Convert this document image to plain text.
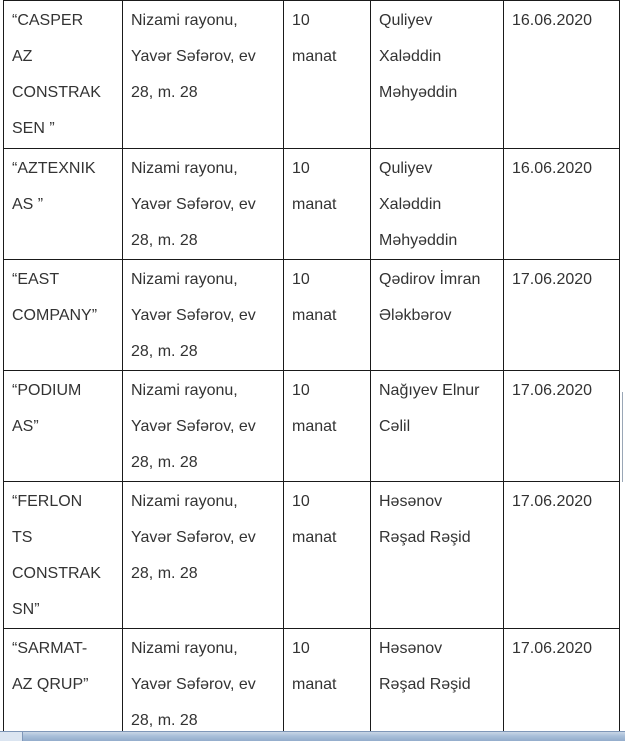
“CASPER
AZ
CONSTRAK
SEN ”	Nizami rayonu,
Yavər Səfərov, ev
28, m. 28	10
manat	Quliyev
Xaləddin
Məhyəddin	16.06.2020

“AZTEXNIK
AS ”	Nizami rayonu,
Yavər Səfərov, ev
28, m. 28	10
manat	Quliyev
Xaləddin
Məhyəddin	16.06.2020

“EAST
COMPANY”	Nizami rayonu,
Yavər Səfərov, ev
28, m. 28	10
manat	Qədirov İmran
Ələkbərov	17.06.2020

“PODIUM
AS”	Nizami rayonu,
Yavər Səfərov, ev
28, m. 28	10
manat	Nağıyev Elnur
Cəlil	17.06.2020

“FERLON
TS
CONSTRAK
SN”	Nizami rayonu,
Yavər Səfərov, ev
28, m. 28	10
manat	Həsənov
Rəşad Rəşid	17.06.2020

“SARMAT-
AZ QRUP”	Nizami rayonu,
Yavər Səfərov, ev
28, m. 28	10
manat	Həsənov
Rəşad Rəşid	17.06.2020
